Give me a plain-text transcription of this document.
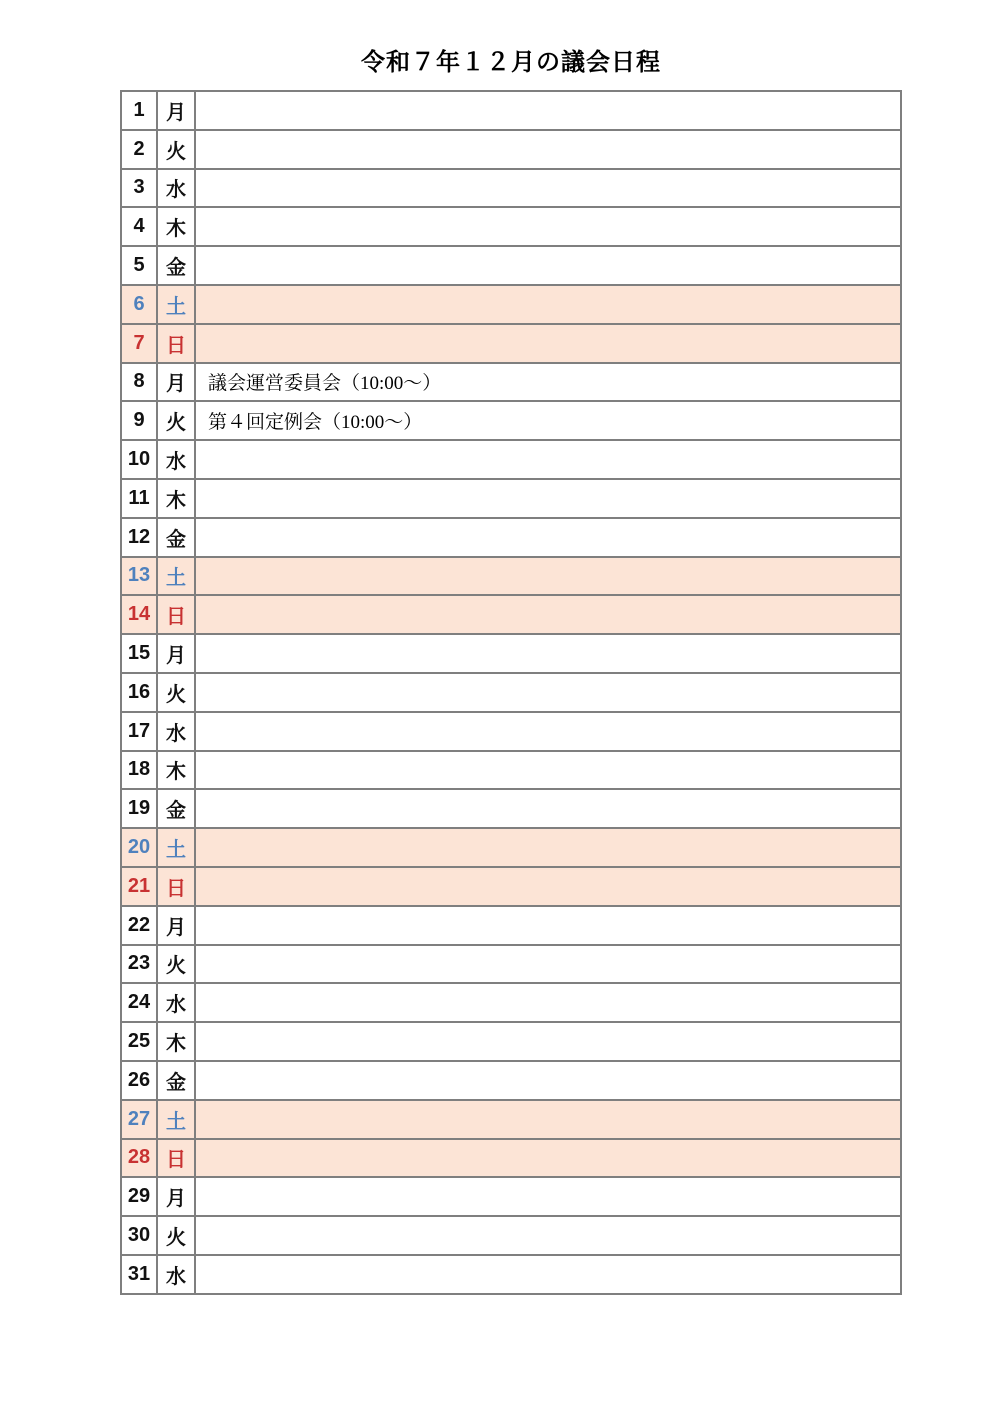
令和７年１２月の議会日程
1	月	
2	火	
3	水	
4	木	
5	金	
6	土	
7	日	
8	月	議会運営委員会（10:00～）
9	火	第４回定例会（10:00～）
10	水	
11	木	
12	金	
13	土	
14	日	
15	月	
16	火	
17	水	
18	木	
19	金	
20	土	
21	日	
22	月	
23	火	
24	水	
25	木	
26	金	
27	土	
28	日	
29	月	
30	火	
31	水	
